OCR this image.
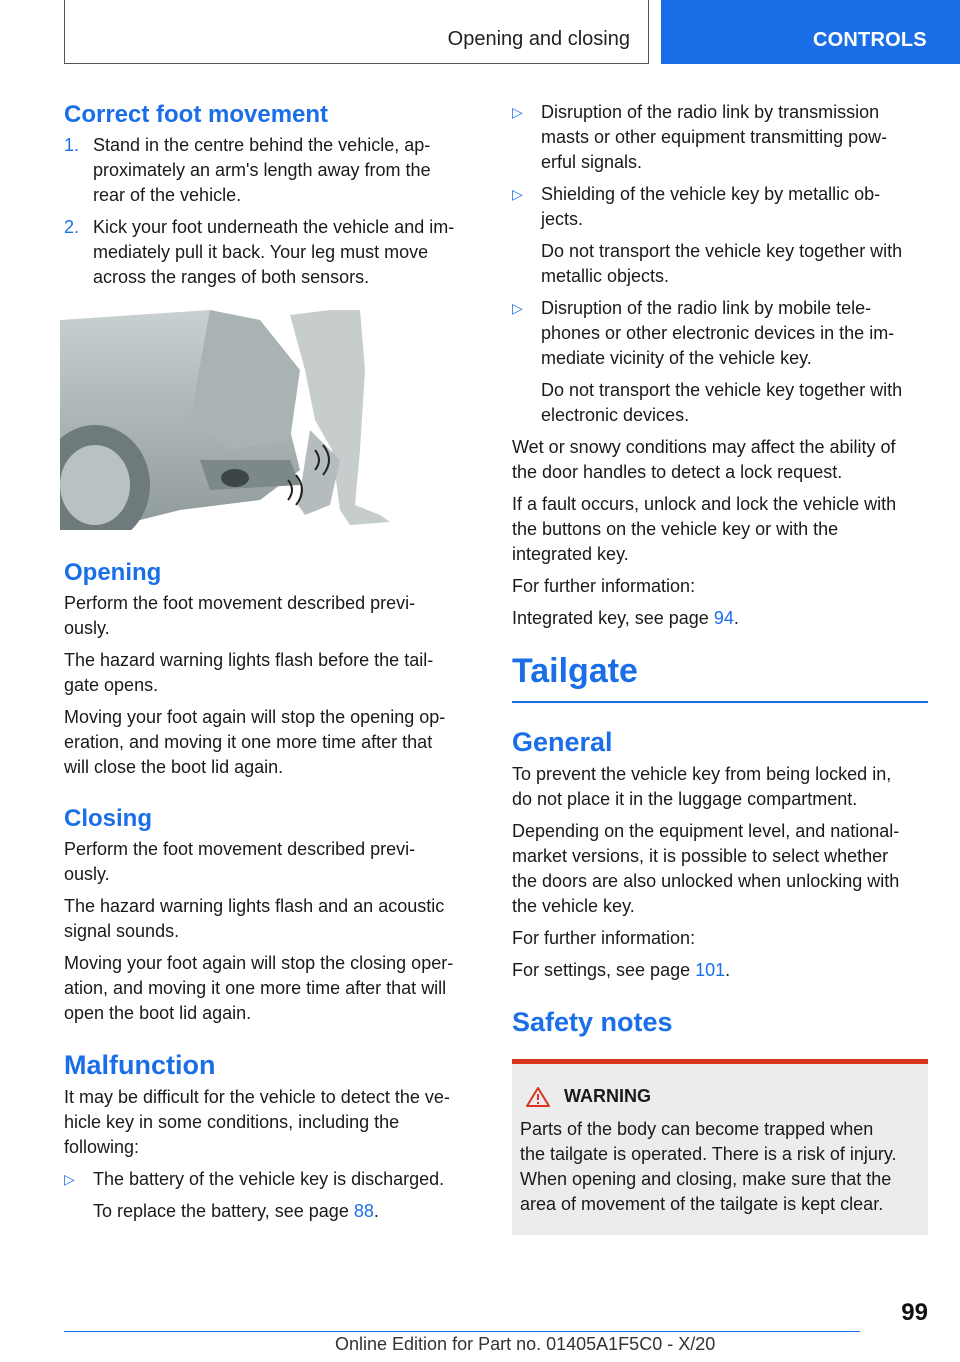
Opening and closing	CONTROLS
Correct foot movement
1. Stand in the centre behind the vehicle, ap-
proximately an arm's length away from the
rear of the vehicle.
2. Kick your foot underneath the vehicle and im-
mediately pull it back. Your leg must move
across the ranges of both sensors.
Opening

Perform the foot movement described previ-
ously.

The hazard warning lights flash before the tail-
gate opens.

Moving your foot again will stop the opening op-
eration, and moving it one more time after that
will close the boot lid again.

Closing

Perform the foot movement described previ-
ously.

The hazard warning lights flash and an acoustic
signal sounds.

Moving your foot again will stop the closing oper-
ation, and moving it one more time after that will
open the boot lid again.

Malfunction

It may be difficult for the vehicle to detect the ve-
hicle key in some conditions, including the
following:

▷	The battery of the vehicle key is discharged.
To replace the battery, see page 88.
▷	Disruption of the radio link by transmission
masts or other equipment transmitting pow-
erful signals.
▷	Shielding of the vehicle key by metallic ob-
jects.
Do not transport the vehicle key together with
metallic objects.
▷	Disruption of the radio link by mobile tele-
phones or other electronic devices in the im-
mediate vicinity of the vehicle key.
Do not transport the vehicle key together with
electronic devices.

Wet or snowy conditions may affect the ability of
the door handles to detect a lock request.

If a fault occurs, unlock and lock the vehicle with
the buttons on the vehicle key or with the
integrated key.

For further information:

Integrated key, see page 94.

Tailgate
General

To prevent the vehicle key from being locked in,
do not place it in the luggage compartment.

Depending on the equipment level, and national-
market versions, it is possible to select whether
the doors are also unlocked when unlocking with
the vehicle key.

For further information:

For settings, see page 101.

Safety notes
WARNING
Parts of the body can become trapped when
the tailgate is operated. There is a risk of injury.
When opening and closing, make sure that the
area of movement of the tailgate is kept clear.
99
Online Edition for Part no. 01405A1F5C0 - X/20
